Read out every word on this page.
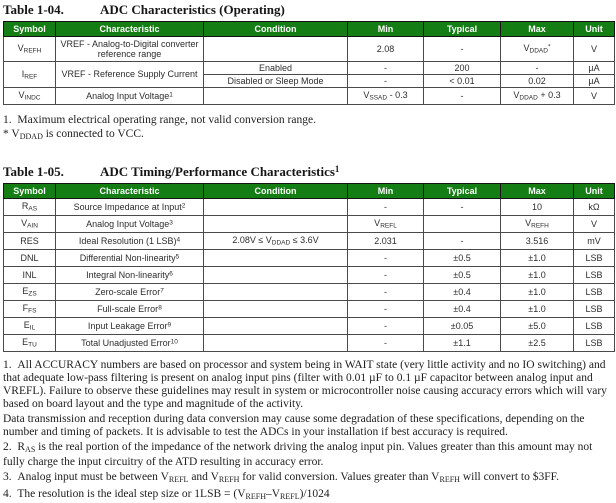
Table 1-04.	ADC Characteristics (Operating)
Symbol	Characteristic	Condition	Min	Typical	Max	Unit
$V_{REFH}$	VREF - Analog-to-Digital converter reference range		2.08	-	$V_{DDAD}^*$	V
$I_{REF}$	VREF - Reference Supply Current	Enabled	-	200	-	µA
		Disabled or Sleep Mode	-	< 0.01	0.02	µA
$V_{INDC}$	Analog Input Voltage$^1$		$V_{SSAD} - 0.3$	-	$V_{DDAD} + 0.3$	V
1.  Maximum electrical operating range, not valid conversion range.
* $V_{DDAD}$ is connected to VCC.
Table 1-05.	ADC Timing/Performance Characteristics$^1$
Symbol	Characteristic	Condition	Min	Typical	Max	Unit
$R_{AS}$	Source Impedance at Input$^2$		-	-	10	kΩ
$V_{AIN}$	Analog Input Voltage$^3$		$V_{REFL}$		$V_{REFH}$	V
RES	Ideal Resolution (1 LSB)$^4$	$2.08V \le V_{DDAD} \le 3.6V$	2.031	-	3.516	mV
DNL	Differential Non-linearity$^5$		-	±0.5	±1.0	LSB
INL	Integral Non-linearity$^6$		-	±0.5	±1.0	LSB
$E_{ZS}$	Zero-scale Error$^7$		-	±0.4	±1.0	LSB
$F_{FS}$	Full-scale Error$^8$		-	±0.4	±1.0	LSB
$E_{IL}$	Input Leakage Error$^9$		-	±0.05	±5.0	LSB
$E_{TU}$	Total Unadjusted Error$^{10}$		-	±1.1	±2.5	LSB
1.  All ACCURACY numbers are based on processor and system being in WAIT state (very little activity and no IO switching) and that adequate low-pass filtering is present on analog input pins (filter with 0.01 µF to 0.1 µF capacitor between analog input and VREFL). Failure to observe these guidelines may result in system or microcontroller noise causing accuracy errors which will vary based on board layout and the type and magnitude of the activity.
Data transmission and reception during data conversion may cause some degradation of these specifications, depending on the number and timing of packets. It is advisable to test the ADCs in your installation if best accuracy is required.
2.  $R_{AS}$ is the real portion of the impedance of the network driving the analog input pin. Values greater than this amount may not fully charge the input circuitry of the ATD resulting in accuracy error.
3.  Analog input must be between $V_{REFL}$ and $V_{REFH}$ for valid conversion. Values greater than $V_{REFH}$ will convert to $3FF.
4.  The resolution is the ideal step size or $1LSB = (V_{REFH}-V_{REFL})/1024$
